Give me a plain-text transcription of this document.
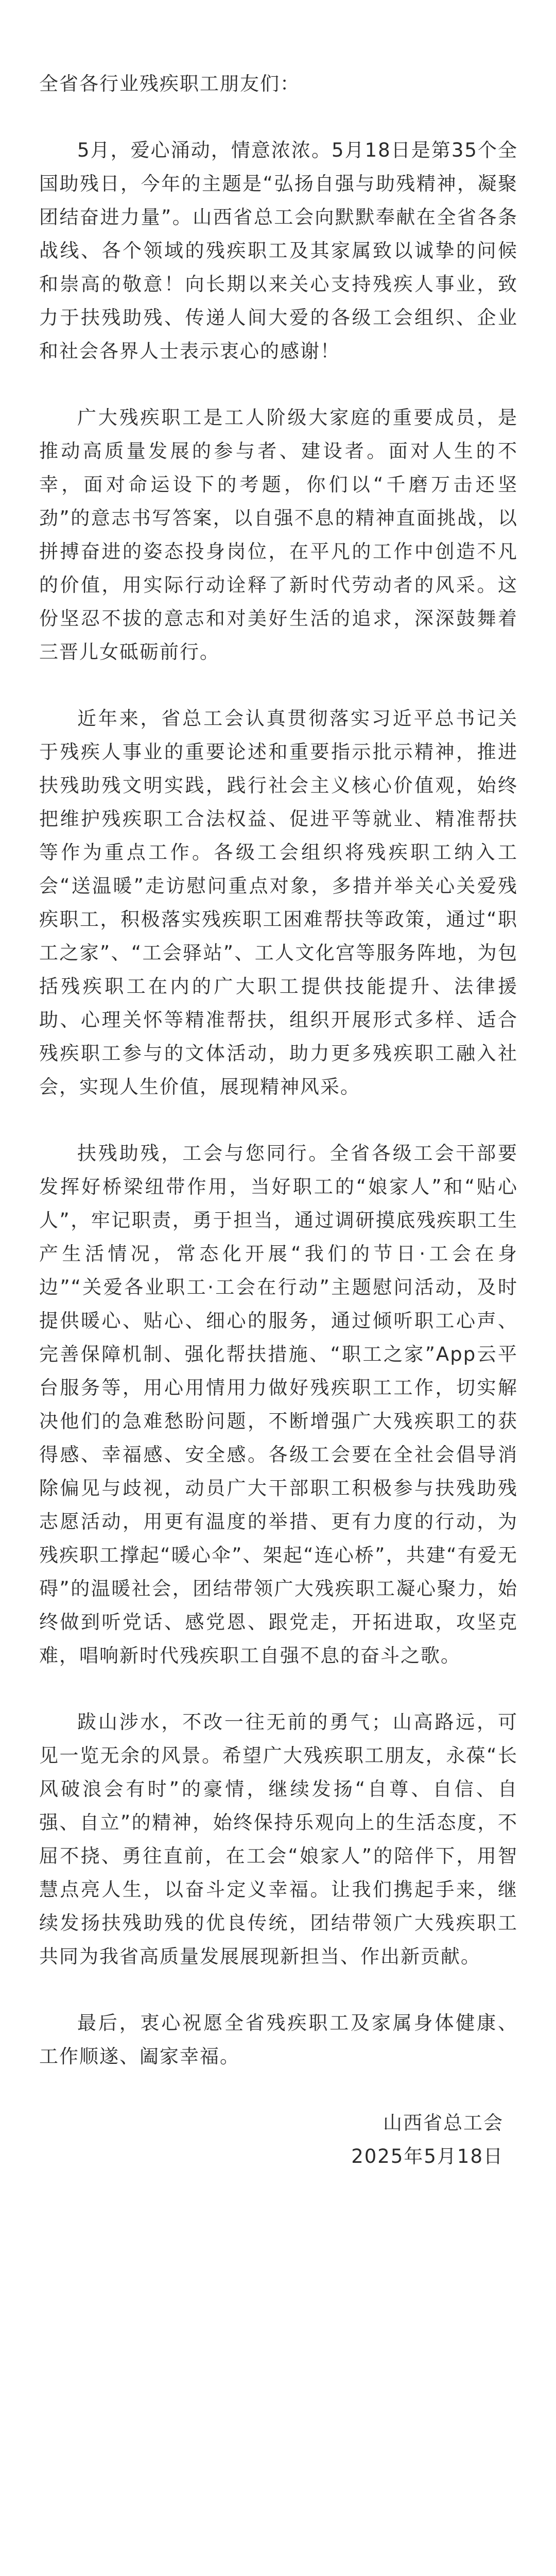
全省各行业残疾职工朋友们：

5月，爱心涌动，情意浓浓。5月18日是第35个全国助残日，今年的主题是“弘扬自强与助残精神，凝聚团结奋进力量”。山西省总工会向默默奉献在全省各条战线、各个领域的残疾职工及其家属致以诚挚的问候和崇高的敬意！向长期以来关心支持残疾人事业，致力于扶残助残、传递人间大爱的各级工会组织、企业和社会各界人士表示衷心的感谢！

广大残疾职工是工人阶级大家庭的重要成员，是推动高质量发展的参与者、建设者。面对人生的不幸，面对命运设下的考题，你们以“千磨万击还坚劲”的意志书写答案，以自强不息的精神直面挑战，以拼搏奋进的姿态投身岗位，在平凡的工作中创造不凡的价值，用实际行动诠释了新时代劳动者的风采。这份坚忍不拔的意志和对美好生活的追求，深深鼓舞着三晋儿女砥砺前行。

近年来，省总工会认真贯彻落实习近平总书记关于残疾人事业的重要论述和重要指示批示精神，推进扶残助残文明实践，践行社会主义核心价值观，始终把维护残疾职工合法权益、促进平等就业、精准帮扶等作为重点工作。各级工会组织将残疾职工纳入工会“送温暖”走访慰问重点对象，多措并举关心关爱残疾职工，积极落实残疾职工困难帮扶等政策，通过“职工之家”、“工会驿站”、工人文化宫等服务阵地，为包括残疾职工在内的广大职工提供技能提升、法律援助、心理关怀等精准帮扶，组织开展形式多样、适合残疾职工参与的文体活动，助力更多残疾职工融入社会，实现人生价值，展现精神风采。

扶残助残，工会与您同行。全省各级工会干部要发挥好桥梁纽带作用，当好职工的“娘家人”和“贴心人”，牢记职责，勇于担当，通过调研摸底残疾职工生产生活情况，常态化开展“我们的节日·工会在身边”“关爱各业职工·工会在行动”主题慰问活动，及时提供暖心、贴心、细心的服务，通过倾听职工心声、完善保障机制、强化帮扶措施、“职工之家”App云平台服务等，用心用情用力做好残疾职工工作，切实解决他们的急难愁盼问题，不断增强广大残疾职工的获得感、幸福感、安全感。各级工会要在全社会倡导消除偏见与歧视，动员广大干部职工积极参与扶残助残志愿活动，用更有温度的举措、更有力度的行动，为残疾职工撑起“暖心伞”、架起“连心桥”，共建“有爱无碍”的温暖社会，团结带领广大残疾职工凝心聚力，始终做到听党话、感党恩、跟党走，开拓进取，攻坚克难，唱响新时代残疾职工自强不息的奋斗之歌。

跋山涉水，不改一往无前的勇气；山高路远，可见一览无余的风景。希望广大残疾职工朋友，永葆“长风破浪会有时”的豪情，继续发扬“自尊、自信、自强、自立”的精神，始终保持乐观向上的生活态度，不屈不挠、勇往直前，在工会“娘家人”的陪伴下，用智慧点亮人生，以奋斗定义幸福。让我们携起手来，继续发扬扶残助残的优良传统，团结带领广大残疾职工共同为我省高质量发展展现新担当、作出新贡献。

最后，衷心祝愿全省残疾职工及家属身体健康、工作顺遂、阖家幸福。

山西省总工会

2025年5月18日
